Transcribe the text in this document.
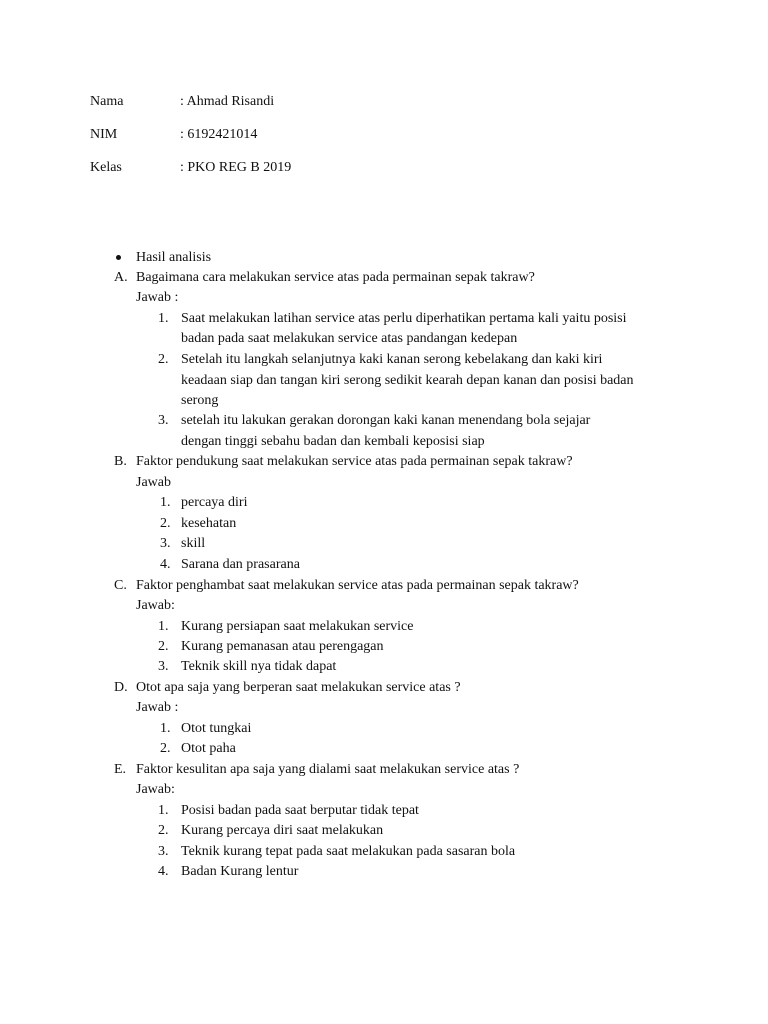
Nama	: Ahmad Risandi
NIM	: 6192421014
Kelas	: PKO REG B 2019
Hasil analisis
A. Bagaimana cara melakukan service atas pada permainan sepak takraw?
Jawab :
1. Saat melakukan latihan service atas perlu diperhatikan pertama kali yaitu posisi
badan pada saat melakukan service atas pandangan kedepan
2. Setelah itu langkah selanjutnya kaki kanan serong kebelakang dan kaki kiri
keadaan siap dan tangan kiri serong sedikit kearah depan kanan dan posisi badan
serong
3. setelah itu lakukan gerakan dorongan kaki kanan menendang bola sejajar
dengan tinggi sebahu badan dan kembali keposisi siap
B. Faktor pendukung saat melakukan service atas pada permainan sepak takraw?
Jawab
1. percaya diri
2. kesehatan
3. skill
4. Sarana dan prasarana
C. Faktor penghambat saat melakukan service atas pada permainan sepak takraw?
Jawab:
1. Kurang persiapan saat melakukan service
2. Kurang pemanasan atau perengagan
3. Teknik skill nya tidak dapat
D. Otot apa saja yang berperan saat melakukan service atas ?
Jawab :
1. Otot tungkai
2. Otot paha
E. Faktor kesulitan apa saja yang dialami saat melakukan service atas ?
Jawab:
1. Posisi badan pada saat berputar tidak tepat
2. Kurang percaya diri saat melakukan
3. Teknik kurang tepat pada saat melakukan pada sasaran bola
4. Badan Kurang lentur
